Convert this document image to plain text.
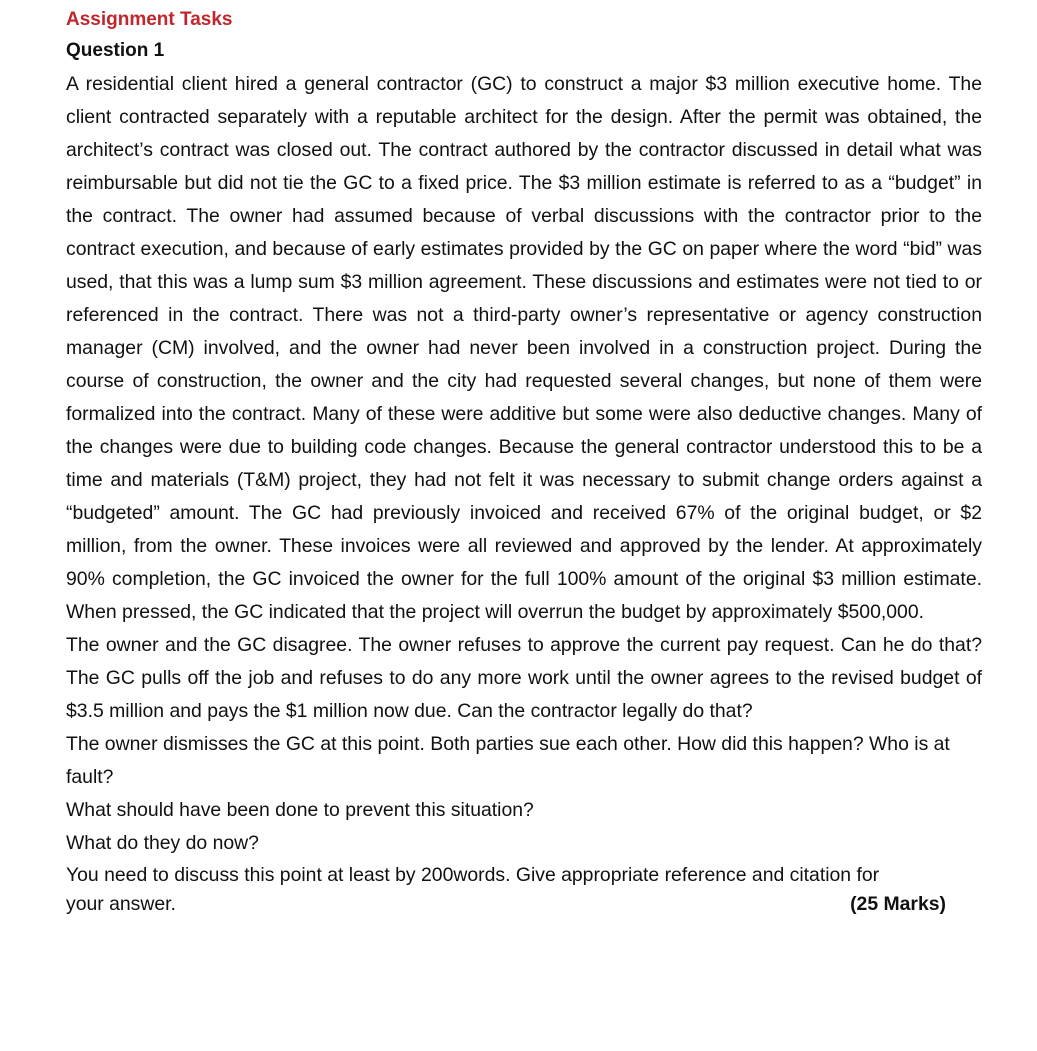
Assignment Tasks

Question 1

A residential client hired a general contractor (GC) to construct a major $3 million executive home. The client contracted separately with a reputable architect for the design. After the permit was obtained, the architect’s contract was closed out. The contract authored by the contractor discussed in detail what was reimbursable but did not tie the GC to a fixed price. The $3 million estimate is referred to as a “budget” in the contract. The owner had assumed because of verbal discussions with the contractor prior to the contract execution, and because of early estimates provided by the GC on paper where the word “bid” was used, that this was a lump sum $3 million agreement. These discussions and estimates were not tied to or referenced in the contract. There was not a third-party owner’s representative or agency construction manager (CM) involved, and the owner had never been involved in a construction project. During the course of construction, the owner and the city had requested several changes, but none of them were formalized into the contract. Many of these were additive but some were also deductive changes. Many of the changes were due to building code changes. Because the general contractor understood this to be a time and materials (T&M) project, they had not felt it was necessary to submit change orders against a “budgeted” amount. The GC had previously invoiced and received 67% of the original budget, or $2 million, from the owner. These invoices were all reviewed and approved by the lender. At approximately 90% completion, the GC invoiced the owner for the full 100% amount of the original $3 million estimate. When pressed, the GC indicated that the project will overrun the budget by approximately $500,000.

The owner and the GC disagree. The owner refuses to approve the current pay request. Can he do that? The GC pulls off the job and refuses to do any more work until the owner agrees to the revised budget of $3.5 million and pays the $1 million now due. Can the contractor legally do that?

The owner dismisses the GC at this point. Both parties sue each other. How did this happen? Who is at fault?

What should have been done to prevent this situation?

What do they do now?

You need to discuss this point at least by 200words. Give appropriate reference and citation for
your answer.	(25 Marks)
